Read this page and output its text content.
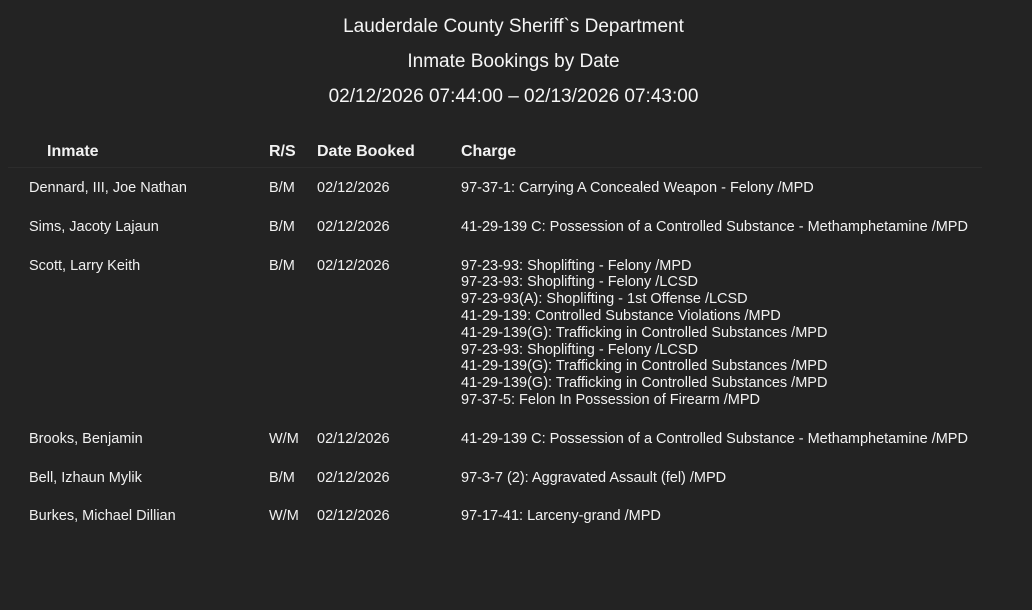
Lauderdale County Sheriff`s Department
Inmate Bookings by Date
02/12/2026 07:44:00 – 02/13/2026 07:43:00
Inmate	R/S Date Booked	Charge
Dennard, III, Joe Nathan	B/M 02/12/2026	97-37-1: Carrying A Concealed Weapon - Felony /MPD
Sims, Jacoty Lajaun	B/M 02/12/2026	41-29-139 C: Possession of a Controlled Substance - Methamphetamine /MPD
Scott, Larry Keith	B/M 02/12/2026	97-23-93: Shoplifting - Felony /MPD
97-23-93: Shoplifting - Felony /LCSD
97-23-93(A): Shoplifting - 1st Offense /LCSD
41-29-139: Controlled Substance Violations /MPD
41-29-139(G): Trafficking in Controlled Substances /MPD
97-23-93: Shoplifting - Felony /LCSD
41-29-139(G): Trafficking in Controlled Substances /MPD
41-29-139(G): Trafficking in Controlled Substances /MPD
97-37-5: Felon In Possession of Firearm /MPD
Brooks, Benjamin	W/M 02/12/2026	41-29-139 C: Possession of a Controlled Substance - Methamphetamine /MPD
Bell, Izhaun Mylik	B/M 02/12/2026	97-3-7 (2): Aggravated Assault (fel) /MPD
Burkes, Michael Dillian	W/M 02/12/2026	97-17-41: Larceny-grand /MPD
